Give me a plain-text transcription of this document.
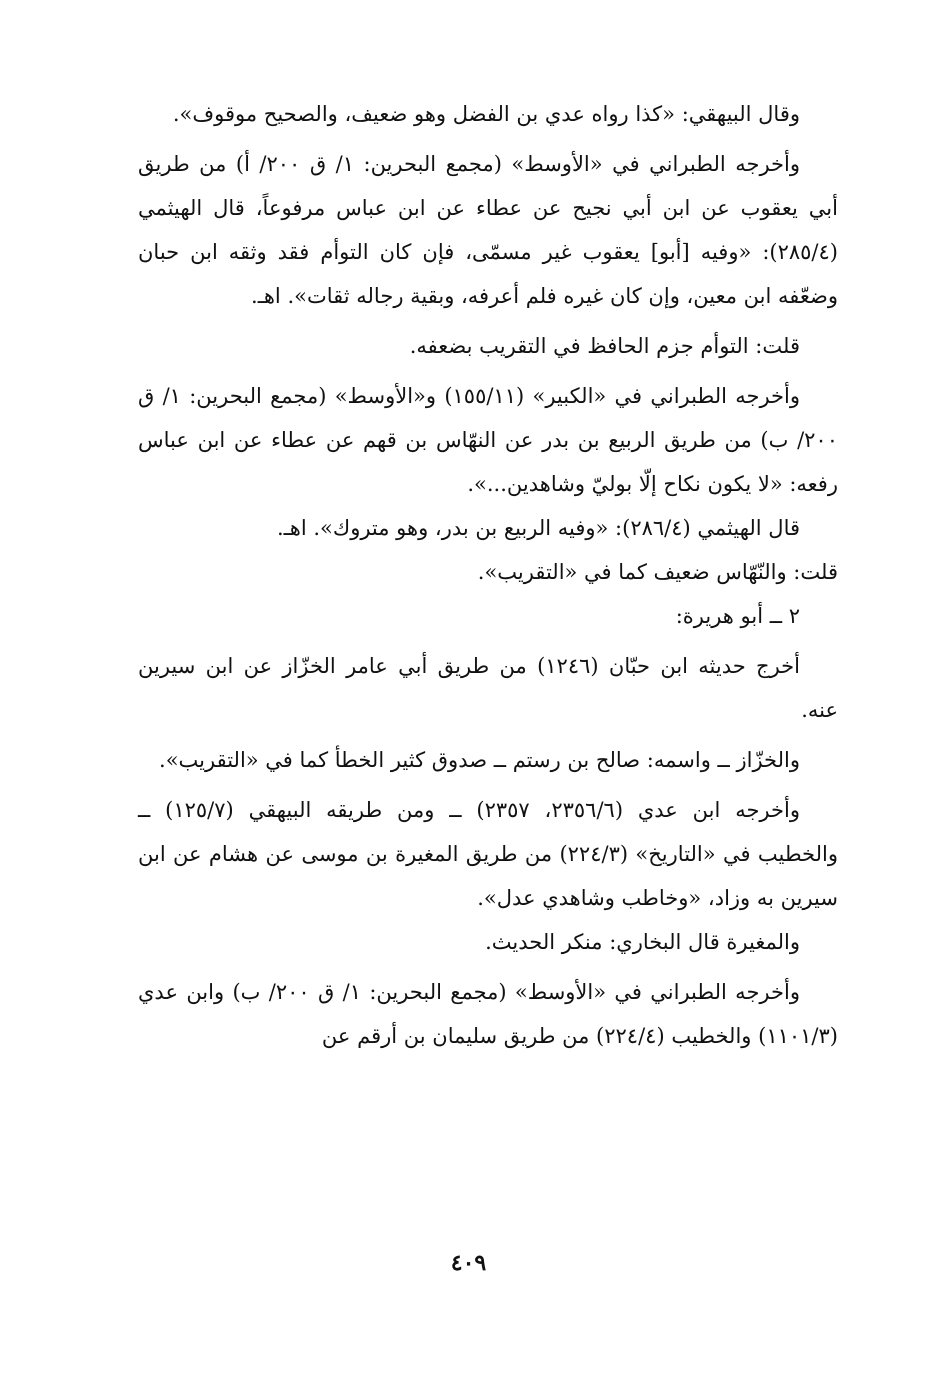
وقال البيهقي: «كذا رواه عدي بن الفضل وهو ضعيف، والصحيح موقوف».

وأخرجه الطبراني في «الأوسط» (مجمع البحرين: ١/ ق ٢٠٠/ أ) من طريق أبي يعقوب عن ابن أبي نجيح عن عطاء عن ابن عباس مرفوعاً، قال الهيثمي (٢٨٥/٤): «وفيه [أبو] يعقوب غير مسمّى، فإن كان التوأم فقد وثقه ابن حبان وضعّفه ابن معين، وإن كان غيره فلم أعرفه، وبقية رجاله ثقات». اهـ.

قلت: التوأم جزم الحافظ في التقريب بضعفه.

وأخرجه الطبراني في «الكبير» (١٥٥/١١) و«الأوسط» (مجمع البحرين: ١/ ق ٢٠٠/ ب) من طريق الربيع بن بدر عن النهّاس بن قهم عن عطاء عن ابن عباس رفعه: «لا يكون نكاح إلّا بوليّ وشاهدين...».

قال الهيثمي (٢٨٦/٤): «وفيه الربيع بن بدر، وهو متروك». اهـ.

قلت: والنّهّاس ضعيف كما في «التقريب».

٢ ــ أبو هريرة:

أخرج حديثه ابن حبّان (١٢٤٦) من طريق أبي عامر الخزّاز عن ابن سيرين عنه.

والخزّاز ــ واسمه: صالح بن رستم ــ صدوق كثير الخطأ كما في «التقريب».

وأخرجه ابن عدي (٢٣٥٦/٦، ٢٣٥٧) ــ ومن طريقه البيهقي (١٢٥/٧) ــ والخطيب في «التاريخ» (٢٢٤/٣) من طريق المغيرة بن موسى عن هشام عن ابن سيرين به وزاد، «وخاطب وشاهدي عدل».

والمغيرة قال البخاري: منكر الحديث.

وأخرجه الطبراني في «الأوسط» (مجمع البحرين: ١/ ق ٢٠٠/ ب) وابن عدي (١١٠١/٣) والخطيب (٢٢٤/٤) من طريق سليمان بن أرقم عن

٤٠٩
